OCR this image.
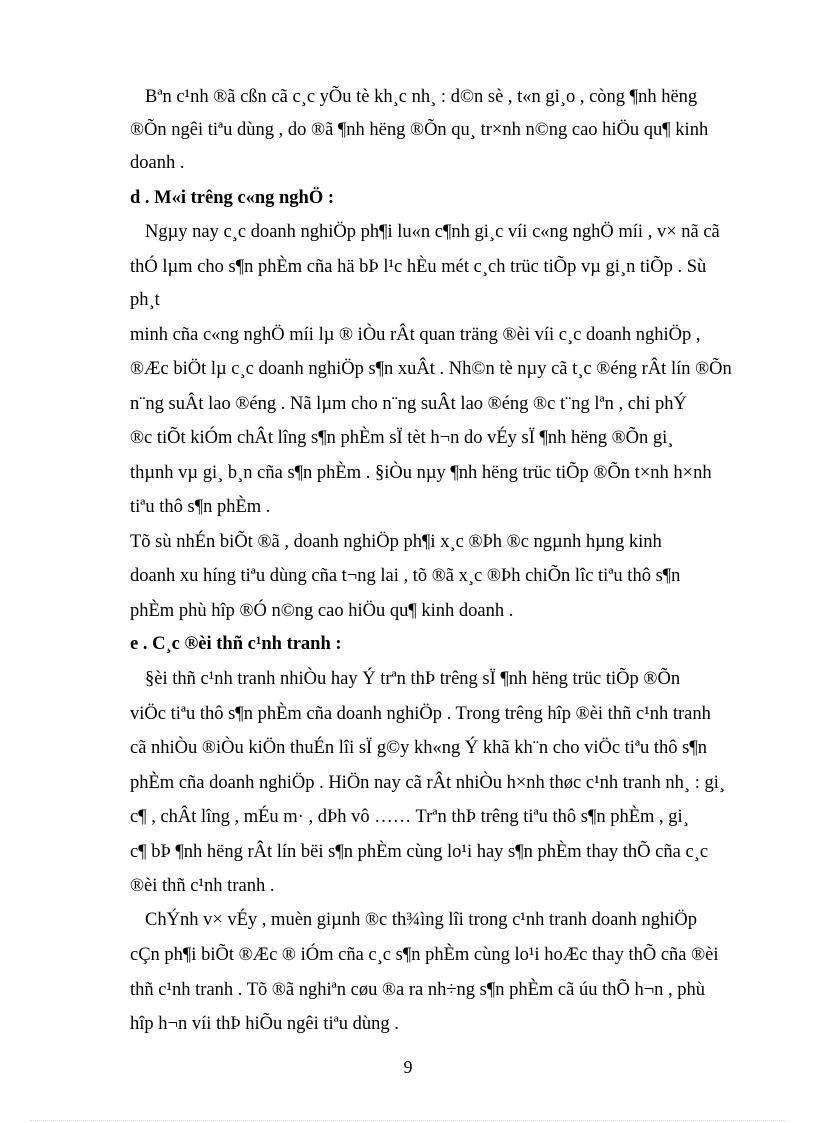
Bªn c¹nh ®ã cßn cã c¸c yÕu tè kh¸c nh¸ : d©n sè , t«n gi¸o , còng ¶nh hëng
®Õn ngêi tiªu dùng , do ®ã ¶nh hëng ®Õn qu¸ tr×nh n©ng cao hiÖu qu¶ kinh
doanh .
d . M«i trêng c«ng nghÖ :
Ngµy nay c¸c doanh nghiÖp ph¶i lu«n c¶nh gi¸c víi c«ng nghÖ míi , v× nã cã
thÓ lµm cho s¶n phÈm cña hä bÞ l¹c hÈu mét c¸ch trüc tiÕp vµ gi¸n tiÕp . Sù
ph¸t
minh cña c«ng nghÖ míi lµ ® iÒu rÂt quan träng ®èi víi c¸c doanh nghiÖp ,
®Æc biÖt lµ c¸c doanh nghiÖp s¶n xuÂt . Nh©n tè nµy cã t¸c ®éng rÂt lín ®Õn
n¨ng suÂt lao ®éng . Nã lµm cho n¨ng suÂt lao ®éng ®c t¨ng lªn , chi phÝ
®c tiÕt kiÓm chÂt lîng s¶n phÈm sÏ tèt h¬n do vÉy sÏ ¶nh hëng ®Õn gi¸
thµnh vµ gi¸ b¸n cña s¶n phÈm . §iÒu nµy ¶nh hëng trüc tiÕp ®Õn t×nh h×nh
tiªu thô s¶n phÈm .
Tõ sù nhÉn biÕt ®ã , doanh nghiÖp ph¶i x¸c ®Þh ®c ngµnh hµng kinh
doanh xu híng tiªu dùng cña t¬ng lai , tõ ®ã x¸c ®Þh chiÕn lîc tiªu thô s¶n
phÈm phù hîp ®Ó n©ng cao hiÖu qu¶ kinh doanh .
e . C¸c ®èi thñ c¹nh tranh :
§èi thñ c¹nh tranh nhiÒu hay Ý trªn thÞ trêng sÏ ¶nh hëng trüc tiÕp ®Õn
viÖc tiªu thô s¶n phÈm cña doanh nghiÖp . Trong trêng hîp ®èi thñ c¹nh tranh
cã nhiÒu ®iÒu kiÖn thuÉn lîi sÏ g©y kh«ng Ý khã kh¨n cho viÖc tiªu thô s¶n
phÈm cña doanh nghiÖp . HiÖn nay cã rÂt nhiÒu h×nh thøc c¹nh tranh nh¸ : gi¸
c¶ , chÂt lîng , mÉu m· , dÞh vô …… Trªn thÞ trêng tiªu thô s¶n phÈm , gi¸
c¶ bÞ ¶nh hëng rÂt lín bëi s¶n phÈm cùng lo¹i hay s¶n phÈm thay thÕ cña c¸c
®èi thñ c¹nh tranh .
ChÝnh v× vÉy , muèn giµnh ®c th¾ìng lîi trong c¹nh tranh doanh nghiÖp
cÇn ph¶i biÕt ®Æc ® iÓm cña c¸c s¶n phÈm cùng lo¹i hoÆc thay thÕ cña ®èi
thñ c¹nh tranh . Tõ ®ã nghiªn cøu ®a ra nh÷ng s¶n phÈm cã úu thÕ h¬n , phù
hîp h¬n víi thÞ hiÕu ngêi tiªu dùng .
9
